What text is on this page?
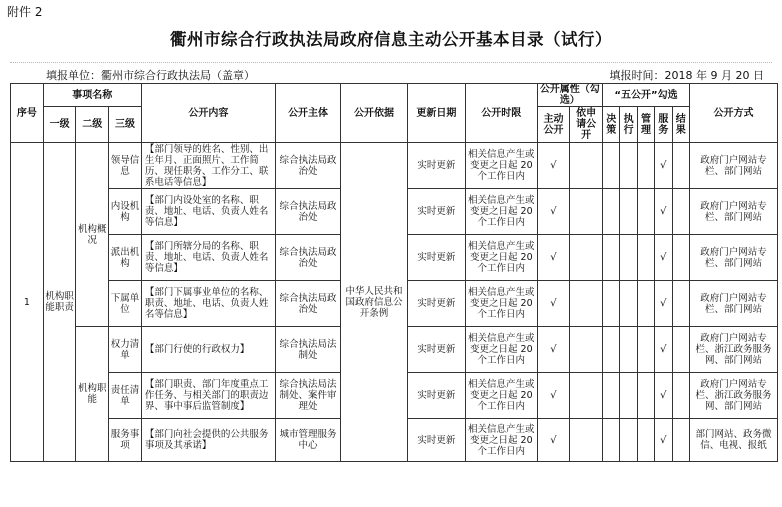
附件 2
衢州市综合行政执法局政府信息主动公开基本目录（试行）
填报单位：衢州市综合行政执法局（盖章）	填报时间：2018 年 9 月 20 日
序号	事项名称			公开内容	公开主体	公开依据	更新日期	公开时限	公开属性（勾选）		“五公开”勾选					公开方式
	一级	二级	三级						主动公开	依申请公开	决策	执行	管理	服务	结果	
1	机构职能职责	机构概况	领导信息	【部门领导的姓名、性别、出生年月、正面照片、工作简历、现任职务、工作分工、联系电话等信息】	综合执法局政治处	中华人民共和国政府信息公开条例	实时更新	相关信息产生或变更之日起 20 个工作日内	√					√		政府门户网站专栏、部门网站
			内设机构	【部门内设处室的名称、职责、地址、电话、负责人姓名等信息】	综合执法局政治处		实时更新	相关信息产生或变更之日起 20 个工作日内	√					√		政府门户网站专栏、部门网站
			派出机构	【部门所辖分局的名称、职责、地址、电话、负责人姓名等信息】	综合执法局政治处		实时更新	相关信息产生或变更之日起 20 个工作日内	√					√		政府门户网站专栏、部门网站
			下属单位	【部门下属事业单位的名称、职责、地址、电话、负责人姓名等信息】	综合执法局政治处		实时更新	相关信息产生或变更之日起 20 个工作日内	√					√		政府门户网站专栏、部门网站
		机构职能	权力清单	【部门行使的行政权力】	综合执法局法制处		实时更新	相关信息产生或变更之日起 20 个工作日内	√					√		政府门户网站专栏、浙江政务服务网、部门网站
			责任清单	【部门职责、部门年度重点工作任务、与相关部门的职责边界、事中事后监管制度】	综合执法局法制处、案件审理处		实时更新	相关信息产生或变更之日起 20 个工作日内	√					√		政府门户网站专栏、浙江政务服务网、部门网站
			服务事项	【部门向社会提供的公共服务事项及其承诺】	城市管理服务中心		实时更新	相关信息产生或变更之日起 20 个工作日内	√					√		部门网站、政务微信、电视、报纸
